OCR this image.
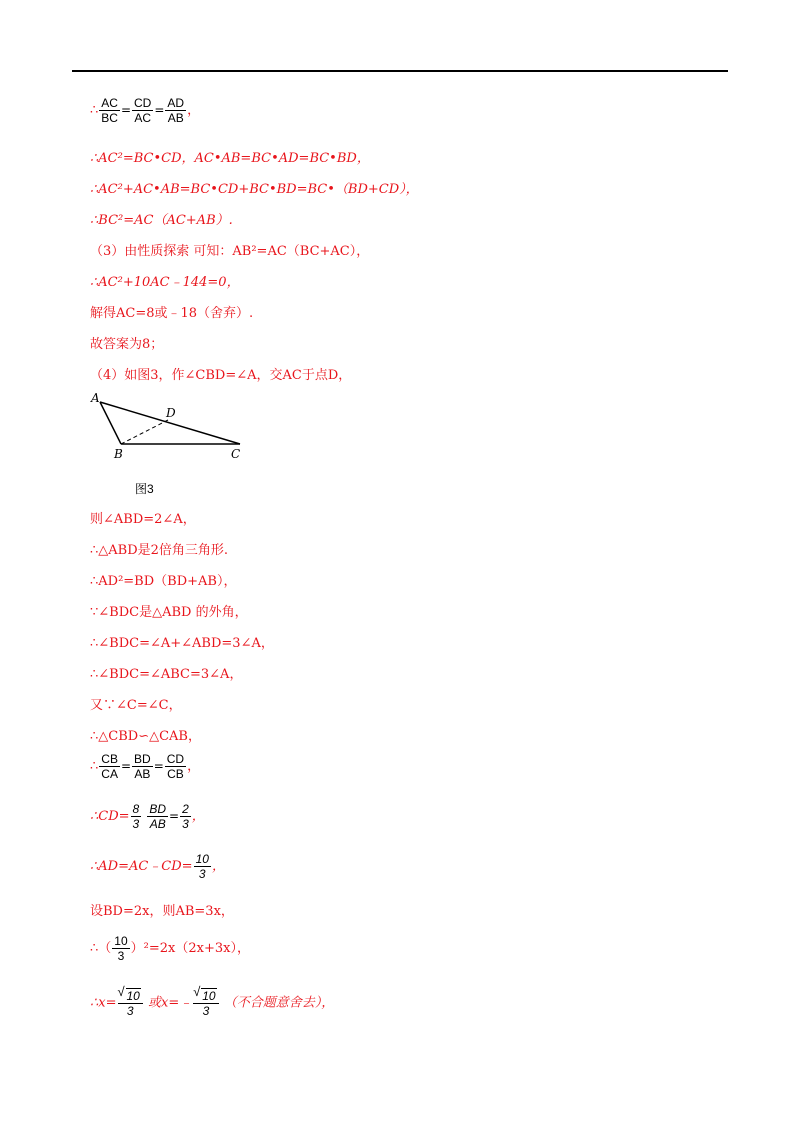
∴ $\frac{AC}{BC} = \frac{CD}{AC} = \frac{AD}{AB}$ ，
∴AC²=BC•CD，AC•AB=BC•AD=BC•BD，
∴AC²+AC•AB=BC•CD+BC•BD=BC•（BD+CD），
∴BC²=AC（AC+AB）.
（3）由性质探索 可知：AB²=AC（BC+AC），
∴AC²+10AC﹣144=0，
解得AC=8或﹣18（舍弃）.
故答案为8；
（4）如图3，作∠CBD=∠A，交AC于点D，
A
D
B	C
图3
则∠ABD=2∠A，
∴△ABD是2倍角三角形.
∴AD²=BD（BD+AB），
∵∠BDC是△ABD 的外角，
∴∠BDC=∠A+∠ABD=3∠A，
∴∠BDC=∠ABC=3∠A，
又∵∠C=∠C，
∴△CBD∽△CAB，
∴ $\frac{CB}{CA} = \frac{BD}{AB} = \frac{CD}{CB}$ ，
∴CD= $\frac{8}{3}$
$\frac{BD}{AB} = \frac{2}{3}$ ，
∴AD=AC﹣CD= $\frac{10}{3}$ ，
设BD=2x，则AB=3x，
∴（ $\frac{10}{3} )^2=2x(2x+3x)$，
∴x= √ $\frac{10}{3}$ 或x=﹣ √ $\frac{10}{3}$ （不合题意舍去），
